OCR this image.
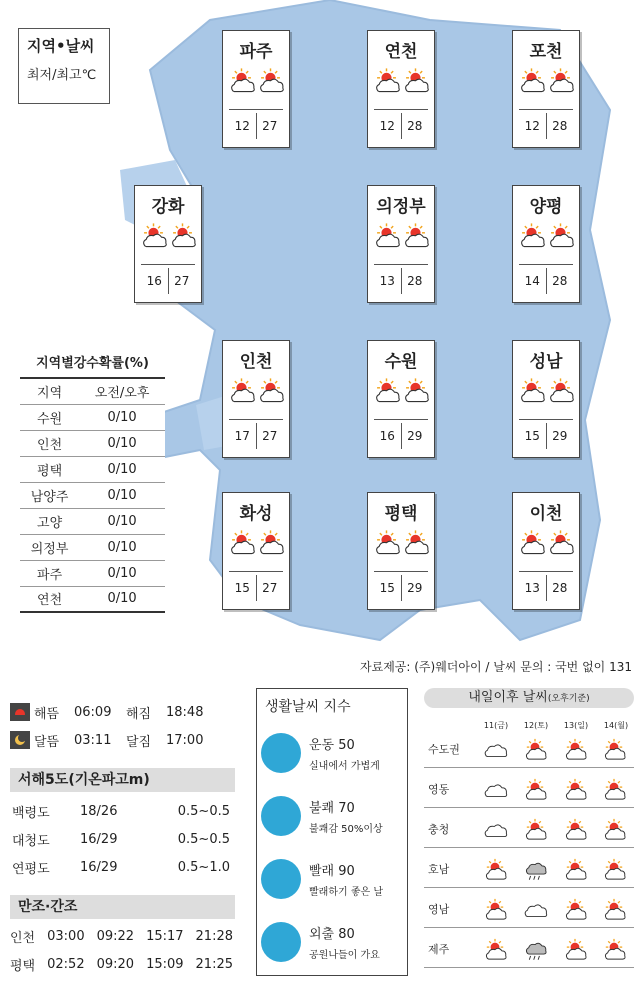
지역•날씨
최저/최고℃
파주
12	27
연천
12	28
포천
12	28
강화
16	27
의정부
13	28
양평
14	28
인천
17	27
수원
16	29
성남
15	29
화성
15	27
평택
15	29
이천
13	28
지역별강수확률(%)
지역	오전/오후
수원	0/10
인천	0/10
평택	0/10
남양주	0/10
고양	0/10
의정부	0/10
파주	0/10
연천	0/10
자료제공: (주)웨더아이 / 날씨 문의 : 국번 없이 131
해뜸	06:09	해짐	18:48
달뜸	03:11	달짐	17:00
서해5도(기온파고m)
백령도	18/26	0.5~0.5
대청도	16/29	0.5~0.5
연평도	16/29	0.5~1.0
만조·간조
인천 03:00 09:22 15:17 21:28
평택 02:52 09:20 15:09 21:25
생활날씨 지수
운동 50
실내에서 가볍게
불쾌 70
불쾌감 50%이상
빨래 90
빨래하기 좋은 날
외출 80
공원나들이 가요
내일이후 날씨(오후기준)
11(금)	12(토)	13(일)	14(월)
수도권
영동
충청
호남
영남
제주
